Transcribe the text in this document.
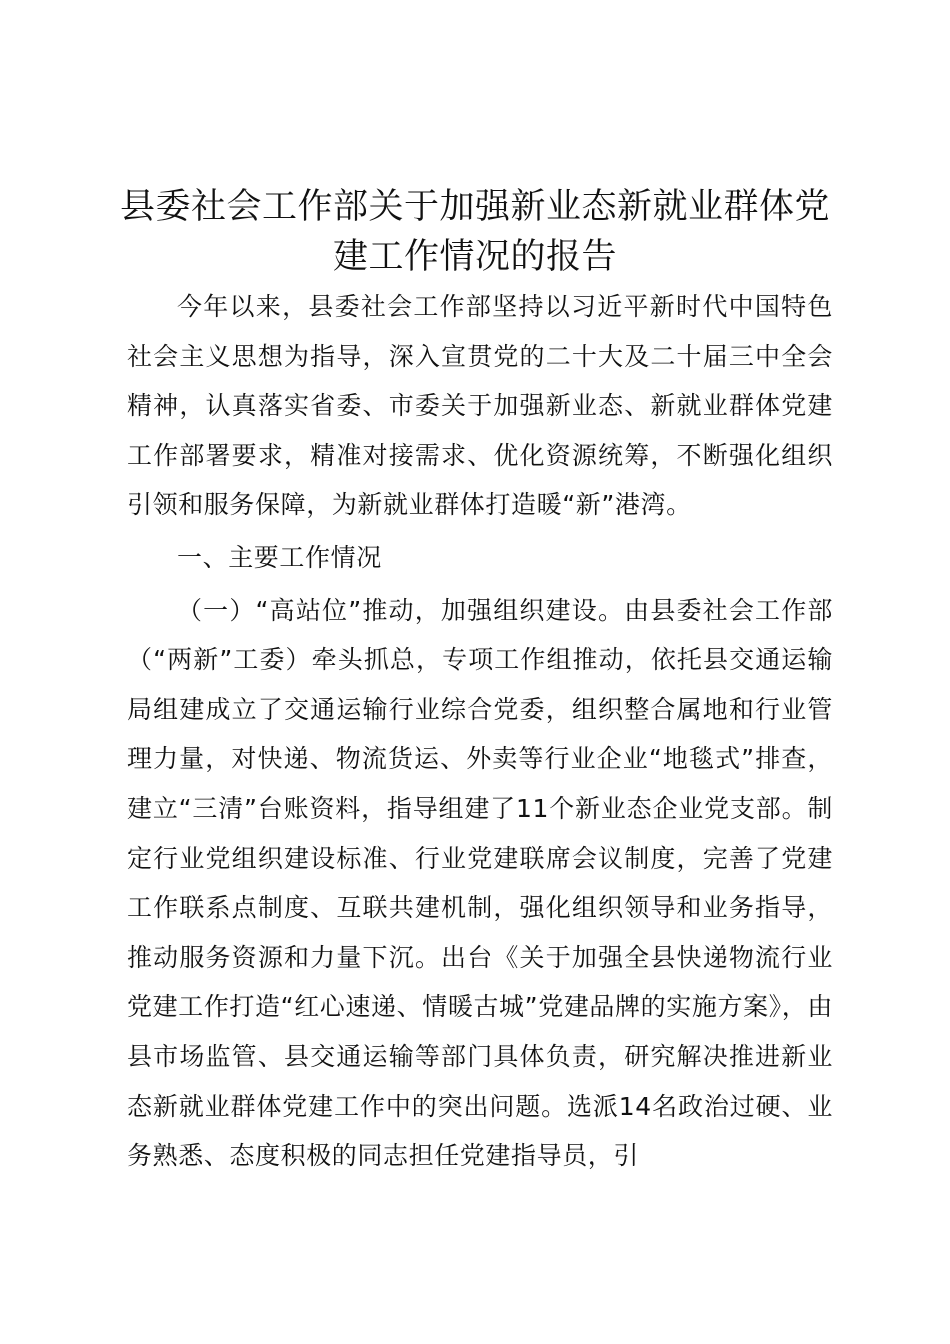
县委社会工作部关于加强新业态新就业群体党建工作情况的报告

今年以来，县委社会工作部坚持以习近平新时代中国特色社会主义思想为指导，深入宣贯党的二十大及二十届三中全会精神，认真落实省委、市委关于加强新业态、新就业群体党建工作部署要求，精准对接需求、优化资源统筹，不断强化组织引领和服务保障，为新就业群体打造暖“新”港湾。

一、主要工作情况

（一）“高站位”推动，加强组织建设。由县委社会工作部（“两新”工委）牵头抓总，专项工作组推动，依托县交通运输局组建成立了交通运输行业综合党委，组织整合属地和行业管理力量，对快递、物流货运、外卖等行业企业“地毯式”排查，建立“三清”台账资料，指导组建了11个新业态企业党支部。制定行业党组织建设标准、行业党建联席会议制度，完善了党建工作联系点制度、互联共建机制，强化组织领导和业务指导，推动服务资源和力量下沉。出台《关于加强全县快递物流行业党建工作打造“红心速递、情暖古城”党建品牌的实施方案》，由县市场监管、县交通运输等部门具体负责，研究解决推进新业态新就业群体党建工作中的突出问题。选派14名政治过硬、业务熟悉、态度积极的同志担任党建指导员，引
